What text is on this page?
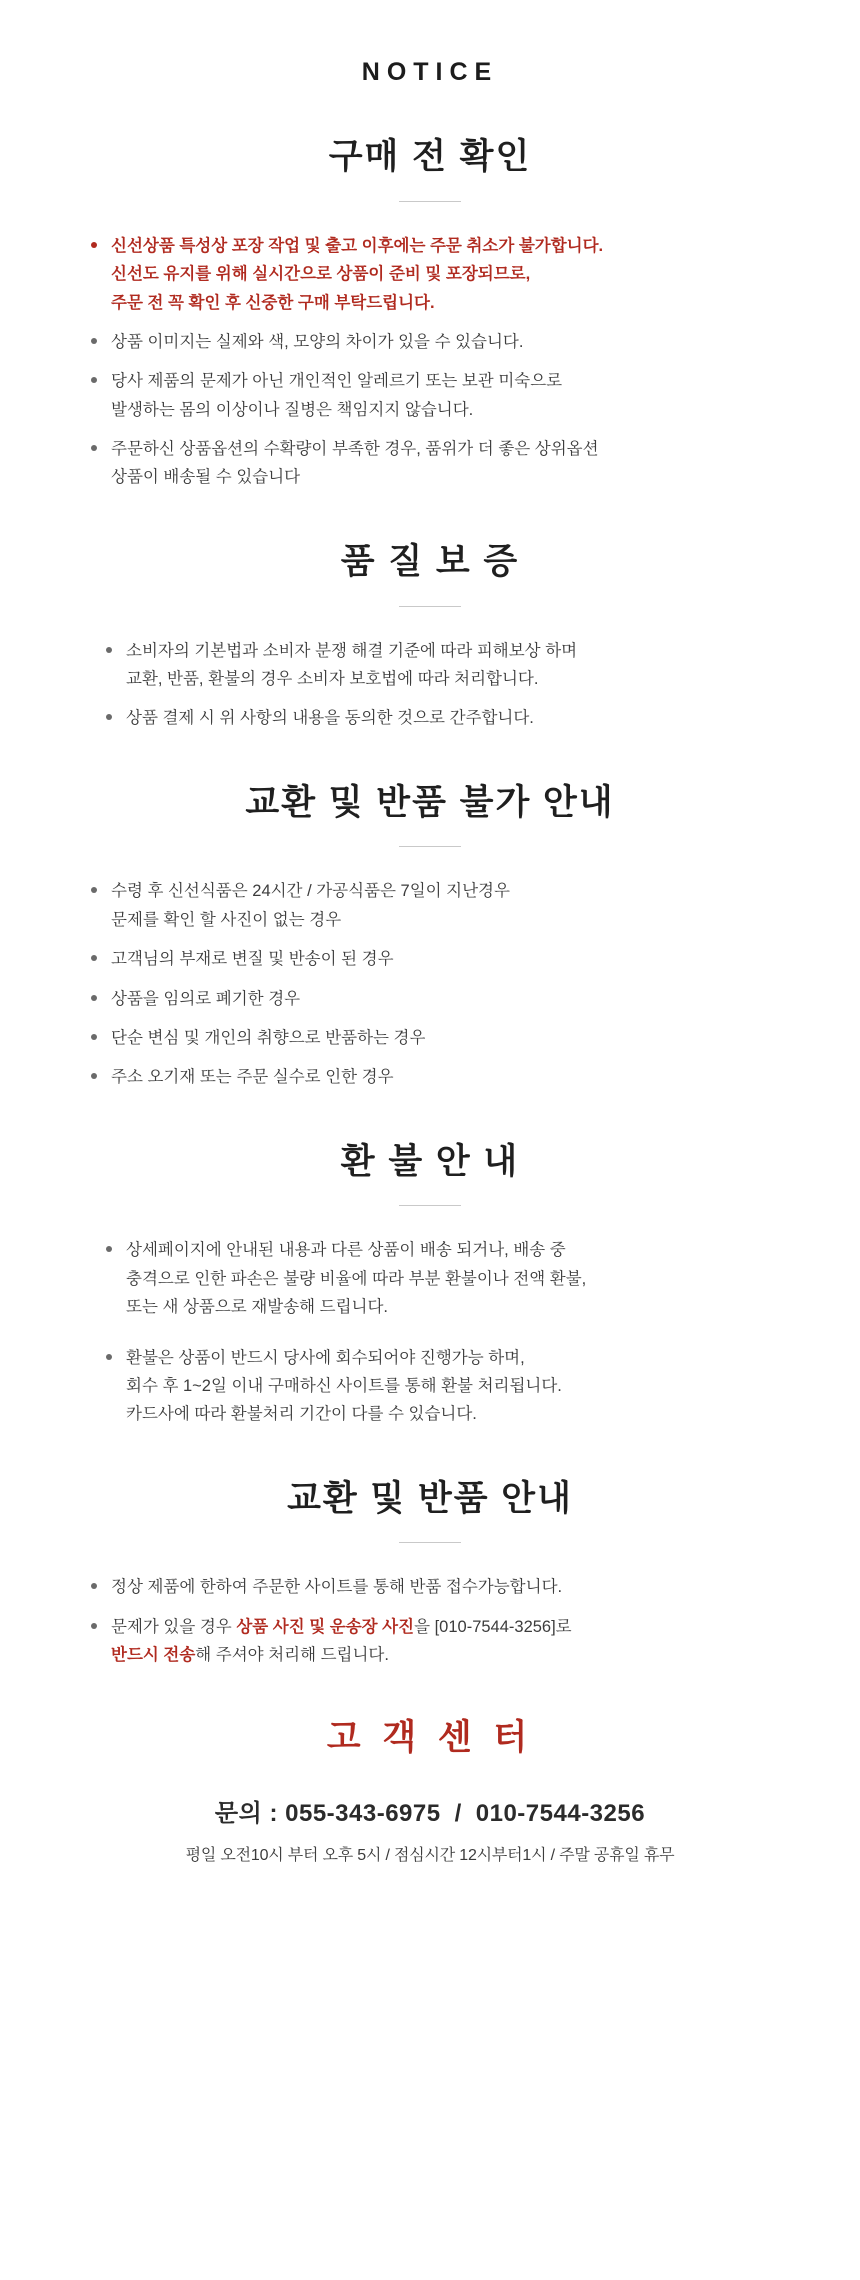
NOTICE
구매 전 확인
신선상품 특성상 포장 작업 및 출고 이후에는 주문 취소가 불가합니다.
신선도 유지를 위해 실시간으로 상품이 준비 및 포장되므로,
주문 전 꼭 확인 후 신중한 구매 부탁드립니다.
상품 이미지는 실제와 색, 모양의 차이가 있을 수 있습니다.
당사 제품의 문제가 아닌 개인적인 알레르기 또는 보관 미숙으로
발생하는 몸의 이상이나 질병은 책임지지 않습니다.
주문하신 상품옵션의 수확량이 부족한 경우, 품위가 더 좋은 상위옵션
상품이 배송될 수 있습니다
품 질 보 증
소비자의 기본법과 소비자 분쟁 해결 기준에 따라 피해보상 하며
교환, 반품, 환불의 경우 소비자 보호법에 따라 처리합니다.
상품 결제 시 위 사항의 내용을 동의한 것으로 간주합니다.
교환 및 반품 불가 안내
수령 후 신선식품은 24시간 / 가공식품은 7일이 지난경우
문제를 확인 할 사진이 없는 경우
고객님의 부재로 변질 및 반송이 된 경우
상품을 임의로 폐기한 경우
단순 변심 및 개인의 취향으로 반품하는 경우
주소 오기재 또는 주문 실수로 인한 경우
환 불 안 내
상세페이지에 안내된 내용과 다른 상품이 배송 되거나, 배송 중
충격으로 인한 파손은 불량 비율에 따라 부분 환불이나 전액 환불,
또는 새 상품으로 재발송해 드립니다.
환불은 상품이 반드시 당사에 회수되어야 진행가능 하며,
회수 후 1~2일 이내 구매하신 사이트를 통해 환불 처리됩니다.
카드사에 따라 환불처리 기간이 다를 수 있습니다.
교환 및 반품 안내
정상 제품에 한하여 주문한 사이트를 통해 반품 접수가능합니다.
문제가 있을 경우 상품 사진 및 운송장 사진을 [010-7544-3256]로
반드시 전송해 주셔야 처리해 드립니다.
고 객 센 터
문의 : 055-343-6975 / 010-7544-3256
평일 오전10시 부터 오후 5시 / 점심시간 12시부터1시 / 주말 공휴일 휴무
